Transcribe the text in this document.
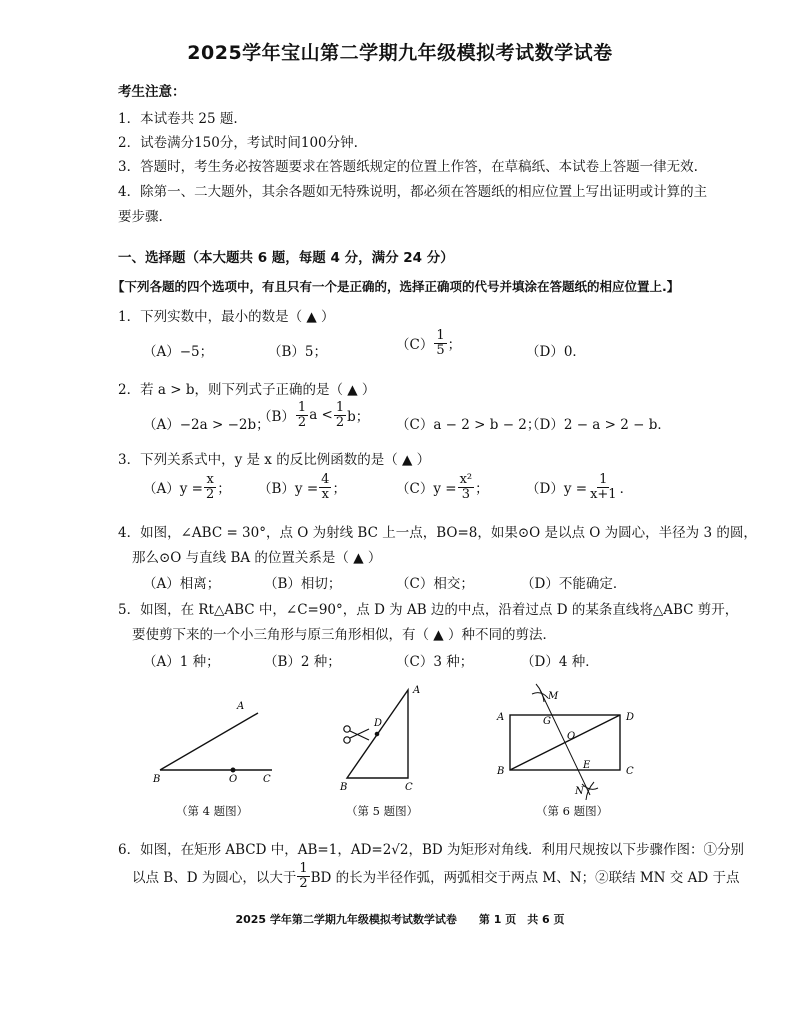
2025学年宝山第二学期九年级模拟考试数学试卷
考生注意：
1．本试卷共 25 题.
2．试卷满分150分，考试时间100分钟.
3．答题时，考生务必按答题要求在答题纸规定的位置上作答，在草稿纸、本试卷上答题一律无效.
4．除第一、二大题外，其余各题如无特殊说明，都必须在答题纸的相应位置上写出证明或计算的主
要步骤.
一、选择题（本大题共 6 题，每题 4 分，满分 24 分）
【下列各题的四个选项中，有且只有一个是正确的，选择正确项的代号并填涂在答题纸的相应位置上.】
1．下列实数中，最小的数是（ ▲ ）
（A）−5；	（B）5；	$(C) \frac{1}{5}$ ；	（D）0．
2．若 a > b，则下列式子正确的是（ ▲ ）
（A）−2a > −2b；
$(B) \frac{1}{2}$ $a < \frac{1}{2}$ b； （C）a − 2 > b − 2；
（D）2 − a > 2 − b．
3．下列关系式中，y 是 x 的反比例函数的是（ ▲ ）
$(A)y = \frac{x}{2}$ ； $(B)y = \frac{4}{x}$ ；	$(C)y = \frac{\text{x²}}{3}$ ；	$(D)y = \frac{1}{x+1}$ ．
4．如图，∠ABC = 30°，点 O 为射线 BC 上一点，BO=8，如果⊙O 是以点 O 为圆心，半径为 3 的圆，
那么⊙O 与直线 BA 的位置关系是（ ▲ ）
（A）相离；	（B）相切；	（C）相交；	（D）不能确定．
5．如图，在 Rt△ABC 中，∠C=90°，点 D 为 AB 边的中点，沿着过点 D 的某条直线将△ABC 剪开，
要使剪下来的一个小三角形与原三角形相似，有（ ▲ ）种不同的剪法．
（A）1 种；	（B）2 种；	（C）3 种；	（D）4 种．
A
B	O	C
A
B	C
D
A
B	C
D
G
O
E
M
N
（第 4 题图）	（第 5 题图）	（第 6 题图）
6．如图，在矩形 ABCD 中，AB=1，AD=2√2，BD 为矩形对角线．利用尺规按以下步骤作图：①分别
以点 B、D 为圆心，以大于 $\frac{1}{2}$ BD 的长为半径作弧，两弧相交于两点 M、N；②联结 MN 交 AD 于点
2025 学年第二学期九年级模拟考试数学试卷　　第 1 页　共 6 页
